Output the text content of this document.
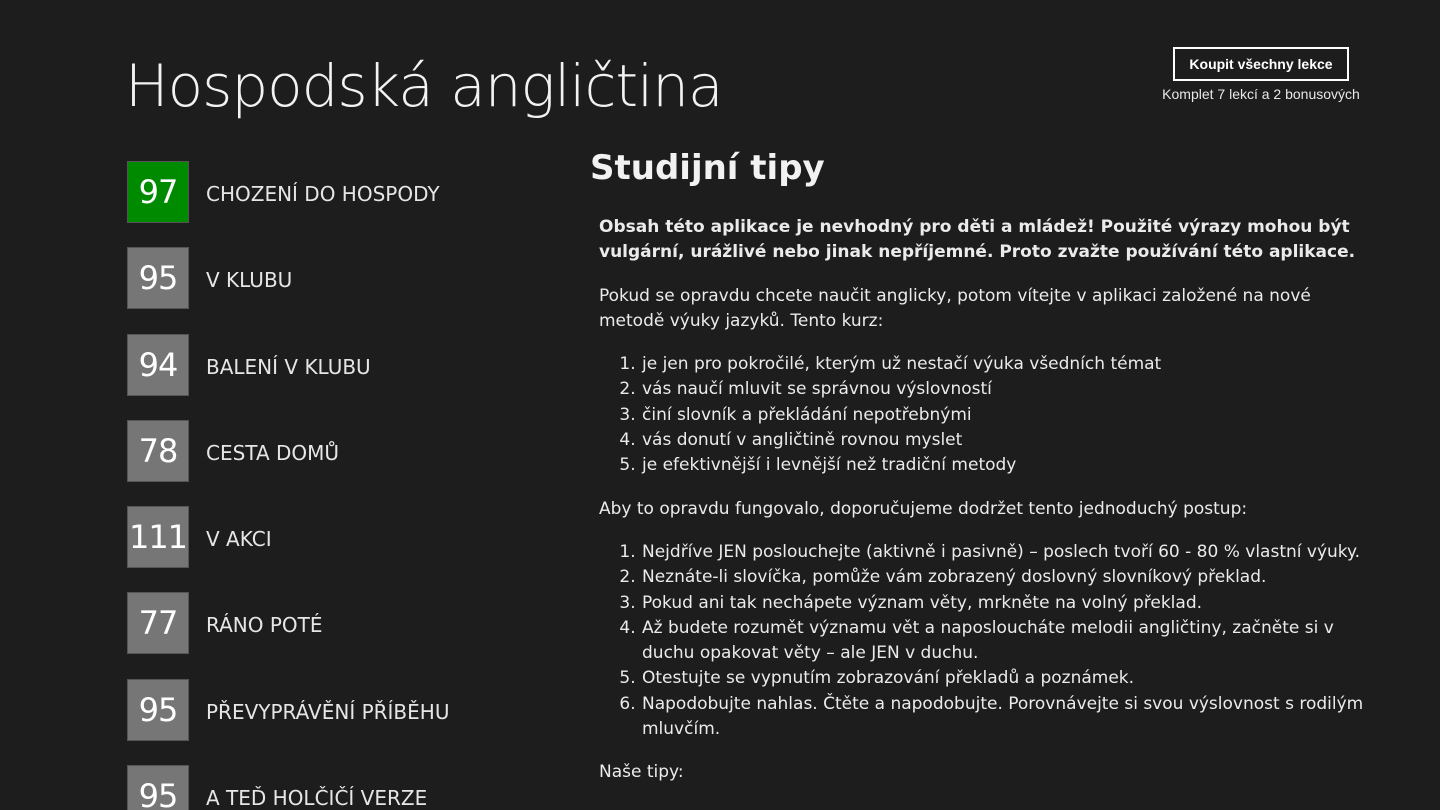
Hospodská angličtina	Koupit všechny lekce
Komplet 7 lekcí a 2 bonusových
97	CHOZENÍ DO HOSPODY
95	V KLUBU
94	BALENÍ V KLUBU
78	CESTA DOMŮ
111 V AKCI
77	RÁNO POTÉ
95	PŘEVYPRÁVĚNÍ PŘÍBĚHU
95	A TEĎ HOLČIČÍ VERZE
Studijní tipy

Obsah této aplikace je nevhodný pro děti a mládež! Použité výrazy mohou být vulgární, urážlivé nebo jinak nepříjemné. Proto zvažte používání této aplikace.

Pokud se opravdu chcete naučit anglicky, potom vítejte v aplikaci založené na nové metodě výuky jazyků. Tento kurz:

1. je jen pro pokročilé, kterým už nestačí výuka všedních témat
2. vás naučí mluvit se správnou výslovností
3. činí slovník a překládání nepotřebnými
4. vás donutí v angličtině rovnou myslet
5. je efektivnější i levnější než tradiční metody

Aby to opravdu fungovalo, doporučujeme dodržet tento jednoduchý postup:

1. Nejdříve JEN poslouchejte (aktivně i pasivně) – poslech tvoří 60 - 80 % vlastní výuky.
2. Neznáte-li slovíčka, pomůže vám zobrazený doslovný slovníkový překlad.
3. Pokud ani tak nechápete význam věty, mrkněte na volný překlad.
4. Až budete rozumět významu vět a naposloucháte melodii angličtiny, začněte si v duchu opakovat věty – ale JEN v duchu.
5. Otestujte se vypnutím zobrazování překladů a poznámek.
6. Napodobujte nahlas. Čtěte a napodobujte. Porovnávejte si svou výslovnost s rodilým mluvčím.

Naše tipy:
